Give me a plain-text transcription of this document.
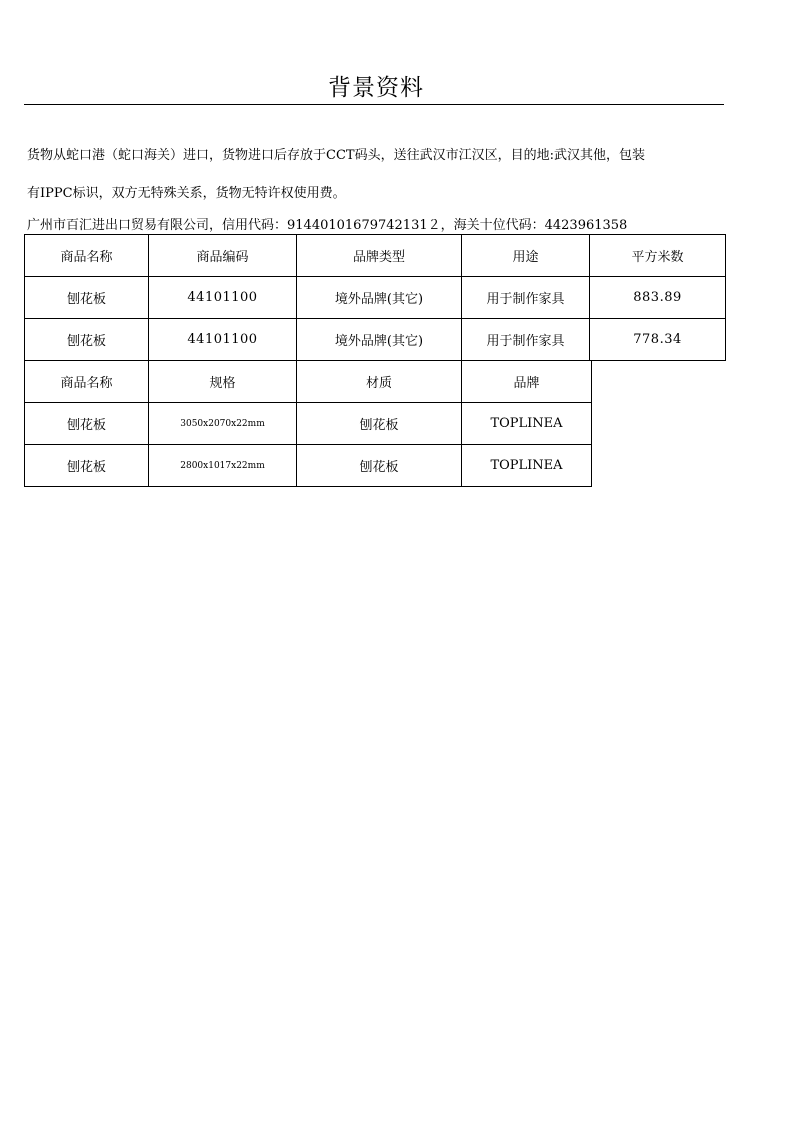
背景资料
货物从蛇口港（蛇口海关）进口，货物进口后存放于CCT码头，送往武汉市江汉区，目的地:武汉其他，包装
有IPPC标识，双方无特殊关系，货物无特许权使用费。
广州市百汇进出口贸易有限公司，信用代码：91440101679742131２，海关十位代码：4423961358
商品名称	商品编码	品牌类型	用途	平方米数
刨花板	44101100	境外品牌(其它)	用于制作家具	883.89
刨花板	44101100	境外品牌(其它)	用于制作家具	778.34
商品名称	规格	材质	品牌
刨花板	3050x2070x22mm	刨花板	TOPLINEA
刨花板	2800x1017x22mm	刨花板	TOPLINEA
